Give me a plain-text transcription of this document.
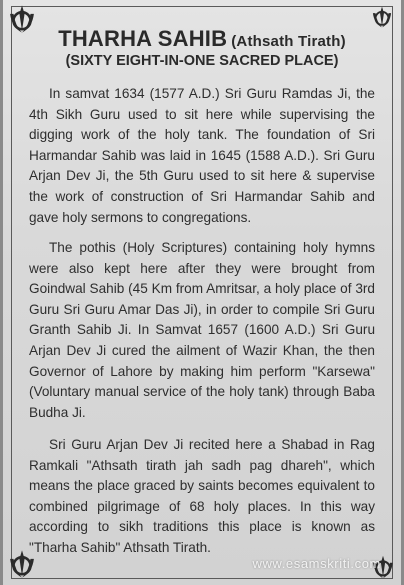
THARHA SAHIB (Athsath Tirath)
(SIXTY EIGHT-IN-ONE SACRED PLACE)

In samvat 1634 (1577 A.D.) Sri Guru Ramdas Ji, the 4th Sikh Guru used to sit here while supervising the digging work of the holy tank. The foundation of Sri Harmandar Sahib was laid in 1645 (1588 A.D.). Sri Guru Arjan Dev Ji, the 5th Guru used to sit here & supervise the work of construction of Sri Harmandar Sahib and gave holy sermons to congregations.

The pothis (Holy Scriptures) containing holy hymns were also kept here after they were brought from Goindwal Sahib (45 Km from Amritsar, a holy place of 3rd Guru Sri Guru Amar Das Ji), in order to compile Sri Guru Granth Sahib Ji. In Samvat 1657 (1600 A.D.) Sri Guru Arjan Dev Ji cured the ailment of Wazir Khan, the then Governor of Lahore by making him perform "Karsewa" (Voluntary manual service of the holy tank) through Baba Budha Ji.

Sri Guru Arjan Dev Ji recited here a Shabad in Rag Ramkali "Athsath tirath jah sadh pag dhareh", which means the place graced by saints becomes equivalent to combined pilgrimage of 68 holy places. In this way according to sikh traditions this place is known as "Tharha Sahib" Athsath Tirath.

www.esamskriti.com
